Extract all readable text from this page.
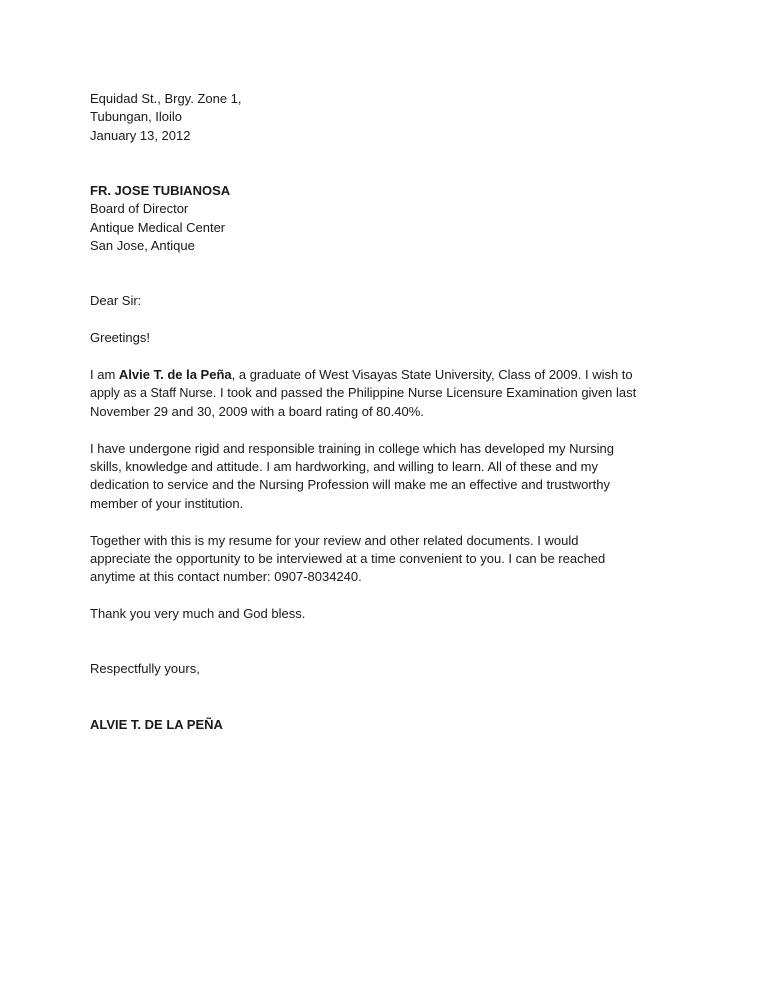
Equidad St., Brgy. Zone 1,
Tubungan, Iloilo
January 13, 2012
FR. JOSE TUBIANOSA
Board of Director
Antique Medical Center
San Jose, Antique
Dear Sir:
Greetings!
I am Alvie T. de la Peña, a graduate of West Visayas State University, Class of 2009. I wish to
apply as a Staff Nurse. I took and passed the Philippine Nurse Licensure Examination given last
November 29 and 30, 2009 with a board rating of 80.40%.
I have undergone rigid and responsible training in college which has developed my Nursing
skills, knowledge and attitude. I am hardworking, and willing to learn. All of these and my
dedication to service and the Nursing Profession will make me an effective and trustworthy
member of your institution.
Together with this is my resume for your review and other related documents. I would
appreciate the opportunity to be interviewed at a time convenient to you. I can be reached
anytime at this contact number: 0907-8034240.
Thank you very much and God bless.
Respectfully yours,
ALVIE T. DE LA PEÑA
